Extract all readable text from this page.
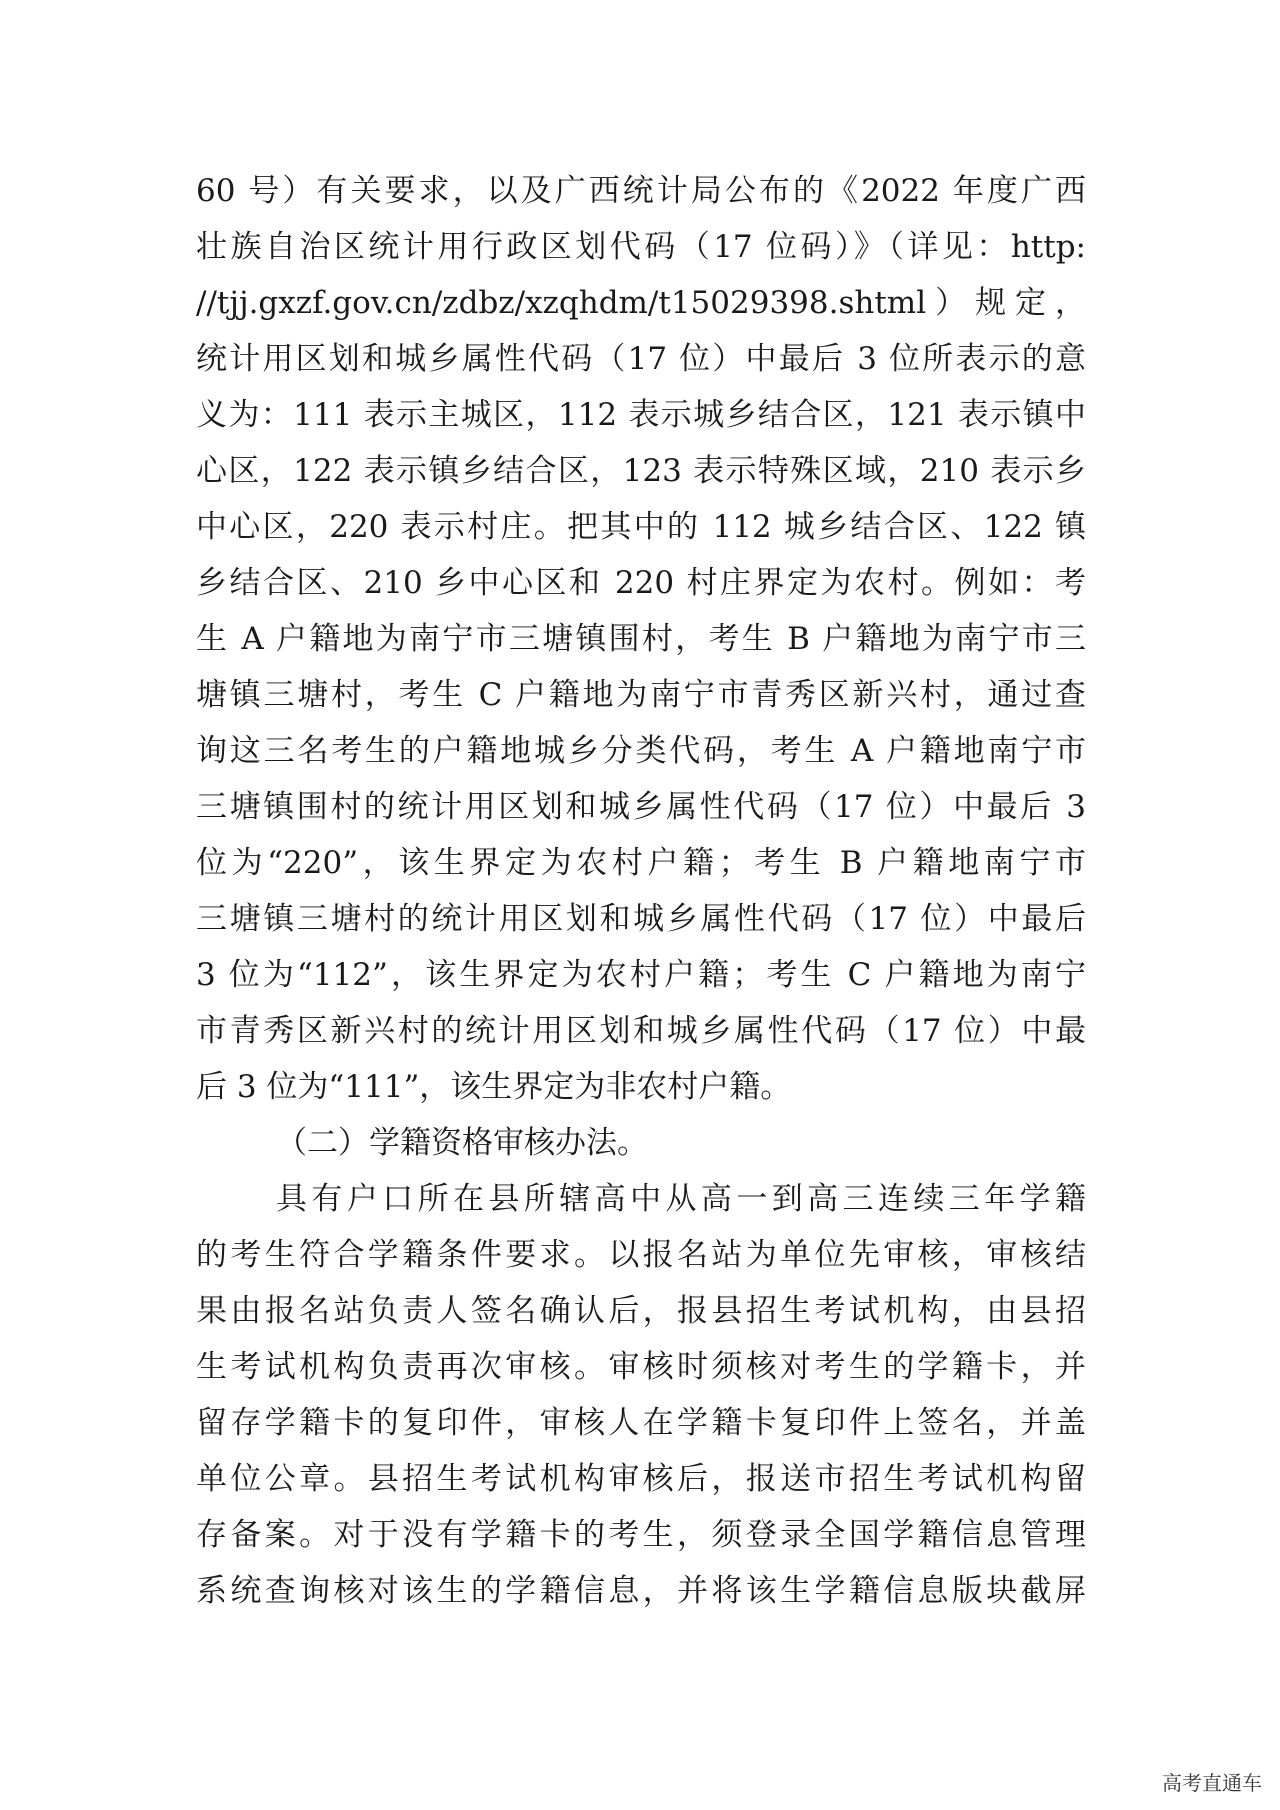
60 号）有关要求，以及广西统计局公布的《2022 年度广西
壮族自治区统计用行政区划代码（17 位码）》（详见：http:
//tjj.gxzf.gov.cn/zdbz/xzqhdm/t15029398.shtml）规定，
统计用区划和城乡属性代码（17 位）中最后 3 位所表示的意
义为：111 表示主城区，112 表示城乡结合区，121 表示镇中
心区，122 表示镇乡结合区，123 表示特殊区域，210 表示乡
中心区，220 表示村庄。把其中的 112 城乡结合区、122 镇
乡结合区、210 乡中心区和 220 村庄界定为农村。例如：考
生 A 户籍地为南宁市三塘镇围村，考生 B 户籍地为南宁市三
塘镇三塘村，考生 C 户籍地为南宁市青秀区新兴村，通过查
询这三名考生的户籍地城乡分类代码，考生 A 户籍地南宁市
三塘镇围村的统计用区划和城乡属性代码（17 位）中最后 3
位为“220”，该生界定为农村户籍；考生 B 户籍地南宁市
三塘镇三塘村的统计用区划和城乡属性代码（17 位）中最后
3 位为“112”，该生界定为农村户籍；考生 C 户籍地为南宁
市青秀区新兴村的统计用区划和城乡属性代码（17 位）中最
后 3 位为“111”，该生界定为非农村户籍。
（二）学籍资格审核办法。
具有户口所在县所辖高中从高一到高三连续三年学籍
的考生符合学籍条件要求。以报名站为单位先审核，审核结
果由报名站负责人签名确认后，报县招生考试机构，由县招
生考试机构负责再次审核。审核时须核对考生的学籍卡，并
留存学籍卡的复印件，审核人在学籍卡复印件上签名，并盖
单位公章。县招生考试机构审核后，报送市招生考试机构留
存备案。对于没有学籍卡的考生，须登录全国学籍信息管理
系统查询核对该生的学籍信息，并将该生学籍信息版块截屏
高考直通车
